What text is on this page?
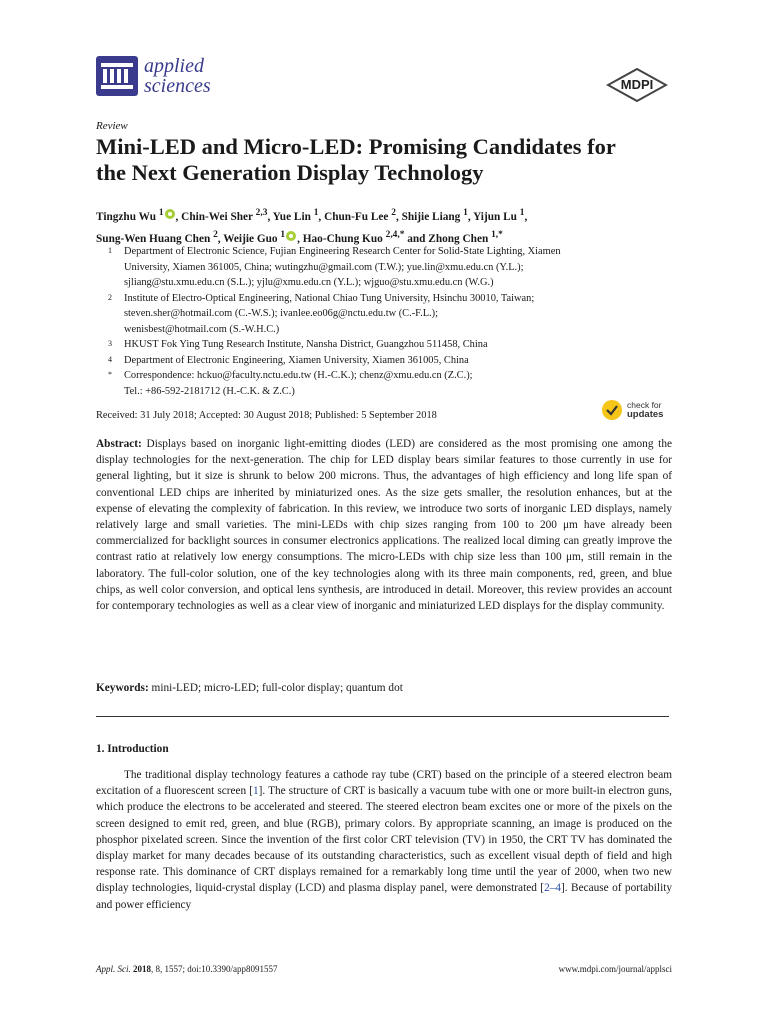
applied
sciences	MDPI
Review
Mini-LED and Micro-LED: Promising Candidates for
the Next Generation Display Technology

Tingzhu Wu $^1$ , Chin-Wei Sher $^{2,3}$, Yue Lin $^1$, Chun-Fu Lee $^2$, Shijie Liang $^1$, Yijun Lu $^1$,
Sung-Wen Huang Chen $^2$, Weijie Guo $^1$ , Hao-Chung Kuo $^{2,4,*}$ and Zhong Chen $^{1,*}$

1	Department of Electronic Science, Fujian Engineering Research Center for Solid-State Lighting, Xiamen
University, Xiamen 361005, China; wutingzhu@gmail.com (T.W.); yue.lin@xmu.edu.cn (Y.L.);
sjliang@stu.xmu.edu.cn (S.L.); yjlu@xmu.edu.cn (Y.L.); wjguo@stu.xmu.edu.cn (W.G.)
2	Institute of Electro-Optical Engineering, National Chiao Tung University, Hsinchu 30010, Taiwan;
steven.sher@hotmail.com (C.-W.S.); ivanlee.eo06g@nctu.edu.tw (C.-F.L.);
wenisbest@hotmail.com (S.-W.H.C.)
3	HKUST Fok Ying Tung Research Institute, Nansha District, Guangzhou 511458, China
4	Department of Electronic Engineering, Xiamen University, Xiamen 361005, China
*	Correspondence: hckuo@faculty.nctu.edu.tw (H.-C.K.); chenz@xmu.edu.cn (Z.C.);
Tel.: +86-592-2181712 (H.-C.K. & Z.C.)
Received: 31 July 2018; Accepted: 30 August 2018; Published: 5 September 2018
check for
updates

Abstract: Displays based on inorganic light-emitting diodes (LED) are considered as the most promising one among the display technologies for the next-generation. The chip for LED display bears similar features to those currently in use for general lighting, but it size is shrunk to below 200 microns. Thus, the advantages of high efficiency and long life span of conventional LED chips are inherited by miniaturized ones. As the size gets smaller, the resolution enhances, but at the expense of elevating the complexity of fabrication. In this review, we introduce two sorts of inorganic LED displays, namely relatively large and small varieties. The mini-LEDs with chip sizes ranging from 100 to 200 μm have already been commercialized for backlight sources in consumer electronics applications. The realized local diming can greatly improve the contrast ratio at relatively low energy consumptions. The micro-LEDs with chip size less than 100 μm, still remain in the laboratory. The full-color solution, one of the key technologies along with its three main components, red, green, and blue chips, as well color conversion, and optical lens synthesis, are introduced in detail. Moreover, this review provides an account for contemporary technologies as well as a clear view of inorganic and miniaturized LED displays for the display community.

Keywords: mini-LED; micro-LED; full-color display; quantum dot

1. Introduction

The traditional display technology features a cathode ray tube (CRT) based on the principle of a steered electron beam excitation of a fluorescent screen [1]. The structure of CRT is basically a vacuum tube with one or more built-in electron guns, which produce the electrons to be accelerated and steered. The steered electron beam excites one or more of the pixels on the screen designed to emit red, green, and blue (RGB), primary colors. By appropriate scanning, an image is produced on the phosphor pixelated screen. Since the invention of the first color CRT television (TV) in 1950, the CRT TV has dominated the display market for many decades because of its outstanding characteristics, such as excellent visual depth of field and high response rate. This dominance of CRT displays remained for a remarkably long time until the year of 2000, when two new display technologies, liquid-crystal display (LCD) and plasma display panel, were demonstrated [2–4]. Because of portability and power efficiency

Appl. Sci. 2018, 8, 1557; doi:10.3390/app8091557	www.mdpi.com/journal/applsci
